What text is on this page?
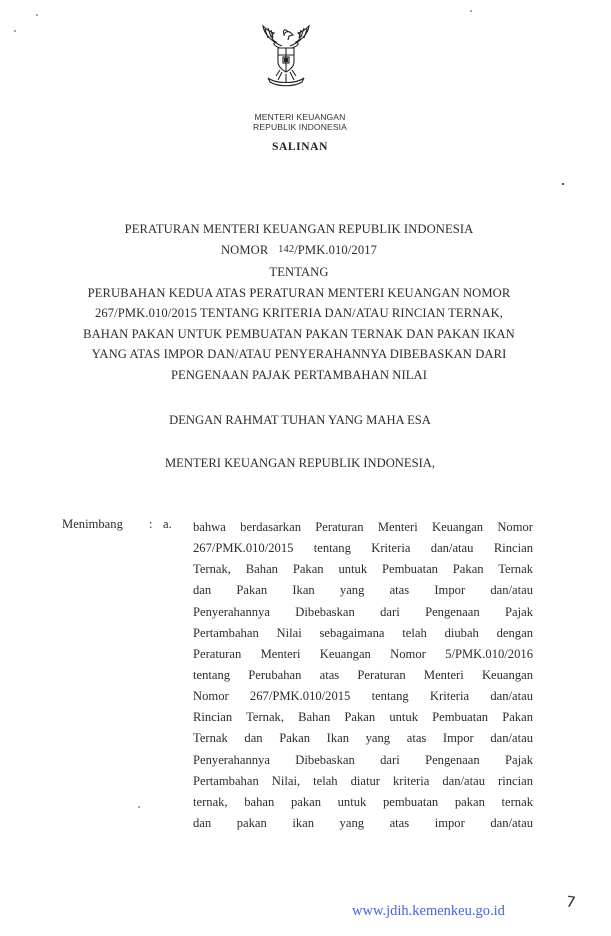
MENTERI KEUANGAN
REPUBLIK INDONESIA
SALINAN
PERATURAN MENTERI KEUANGAN REPUBLIK INDONESIA
NOMOR 142/PMK.010/2017
TENTANG
PERUBAHAN KEDUA ATAS PERATURAN MENTERI KEUANGAN NOMOR
267/PMK.010/2015 TENTANG KRITERIA DAN/ATAU RINCIAN TERNAK,
BAHAN PAKAN UNTUK PEMBUATAN PAKAN TERNAK DAN PAKAN IKAN
YANG ATAS IMPOR DAN/ATAU PENYERAHANNYA DIBEBASKAN DARI
PENGENAAN PAJAK PERTAMBAHAN NILAI
DENGAN RAHMAT TUHAN YANG MAHA ESA
MENTERI KEUANGAN REPUBLIK INDONESIA,
Menimbang : a. bahwa berdasarkan Peraturan Menteri Keuangan Nomor
267/PMK.010/2015 tentang Kriteria dan/atau Rincian
Ternak, Bahan Pakan untuk Pembuatan Pakan Ternak
dan Pakan Ikan yang atas Impor dan/atau
Penyerahannya Dibebaskan dari Pengenaan Pajak
Pertambahan Nilai sebagaimana telah diubah dengan
Peraturan Menteri Keuangan Nomor 5/PMK.010/2016
tentang Perubahan atas Peraturan Menteri Keuangan
Nomor 267/PMK.010/2015 tentang Kriteria dan/atau
Rincian Ternak, Bahan Pakan untuk Pembuatan Pakan
Ternak dan Pakan Ikan yang atas Impor dan/atau
Penyerahannya Dibebaskan dari Pengenaan Pajak
Pertambahan Nilai, telah diatur kriteria dan/atau rincian
ternak, bahan pakan untuk pembuatan pakan ternak
dan pakan ikan yang atas impor dan/atau
www.jdih.kemenkeu.go.id	7
